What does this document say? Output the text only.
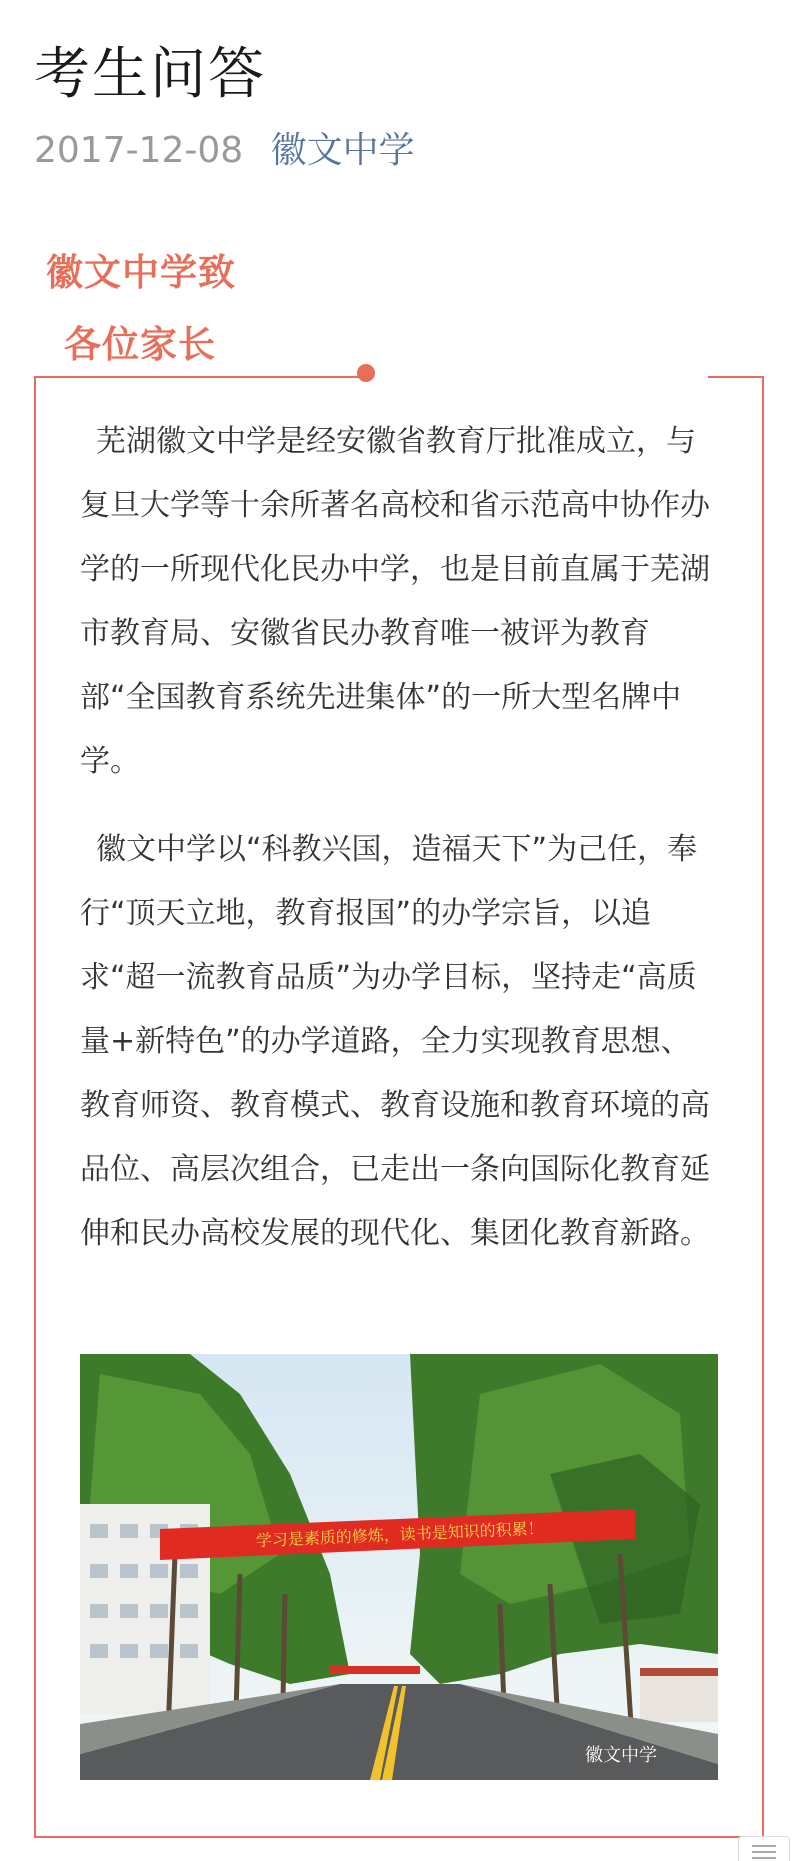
考生问答
2017-12-08 徽文中学
徽文中学致
各位家长

芜湖徽文中学是经安徽省教育厅批准成立，与复旦大学等十余所著名高校和省示范高中协作办学的一所现代化民办中学，也是目前直属于芜湖市教育局、安徽省民办教育唯一被评为教育部“全国教育系统先进集体”的一所大型名牌中学。

徽文中学以“科教兴国，造福天下”为己任，奉行“顶天立地，教育报国”的办学宗旨，以追求“超一流教育品质”为办学目标，坚持走“高质量+新特色”的办学道路，全力实现教育思想、教育师资、教育模式、教育设施和教育环境的高品位、高层次组合，已走出一条向国际化教育延伸和民办高校发展的现代化、集团化教育新路。

学习是素质的修炼，读书是知识的积累！
徽文中学
